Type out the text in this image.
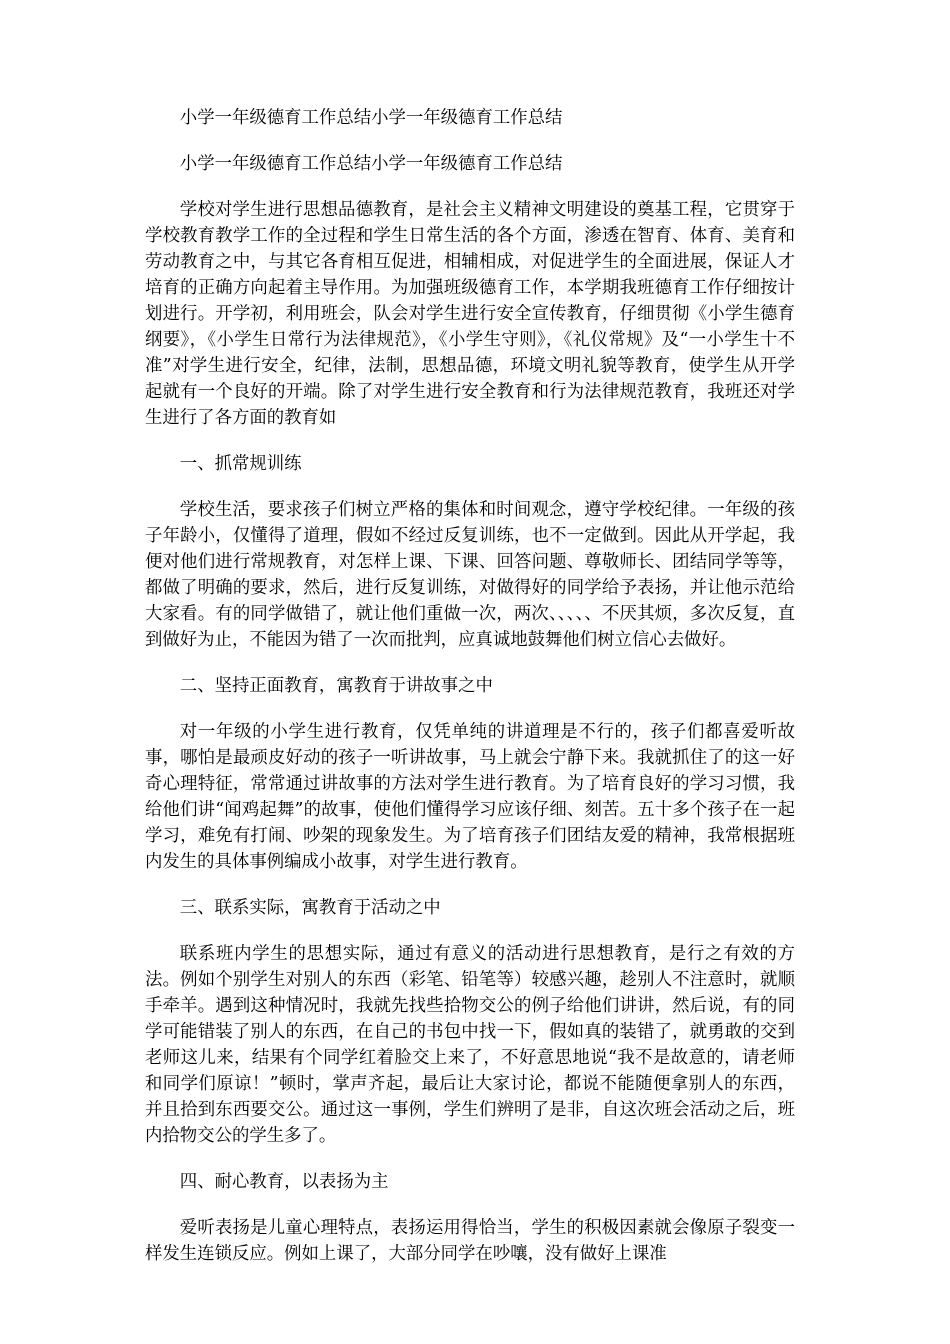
小学一年级德育工作总结小学一年级德育工作总结

小学一年级德育工作总结小学一年级德育工作总结

学校对学生进行思想品德教育，是社会主义精神文明建设的奠基工程，它贯穿于学校教育教学工作的全过程和学生日常生活的各个方面，渗透在智育、体育、美育和劳动教育之中，与其它各育相互促进，相辅相成，对促进学生的全面进展，保证人才培育的正确方向起着主导作用。为加强班级德育工作，本学期我班德育工作仔细按计划进行。开学初，利用班会，队会对学生进行安全宣传教育，仔细贯彻《小学生德育纲要》，《小学生日常行为法律规范》，《小学生守则》，《礼仪常规》及“一小学生十不准”对学生进行安全，纪律，法制，思想品德，环境文明礼貌等教育，使学生从开学起就有一个良好的开端。除了对学生进行安全教育和行为法律规范教育，我班还对学生进行了各方面的教育如

一、抓常规训练

学校生活，要求孩子们树立严格的集体和时间观念，遵守学校纪律。一年级的孩子年龄小，仅懂得了道理，假如不经过反复训练，也不一定做到。因此从开学起，我便对他们进行常规教育，对怎样上课、下课、回答问题、尊敬师长、团结同学等等，都做了明确的要求，然后，进行反复训练，对做得好的同学给予表扬，并让他示范给大家看。有的同学做错了，就让他们重做一次，两次、、、、、不厌其烦，多次反复，直到做好为止，不能因为错了一次而批判，应真诚地鼓舞他们树立信心去做好。

二、坚持正面教育，寓教育于讲故事之中

对一年级的小学生进行教育，仅凭单纯的讲道理是不行的，孩子们都喜爱听故事，哪怕是最顽皮好动的孩子一听讲故事，马上就会宁静下来。我就抓住了的这一好奇心理特征，常常通过讲故事的方法对学生进行教育。为了培育良好的学习习惯，我给他们讲“闻鸡起舞”的故事，使他们懂得学习应该仔细、刻苦。五十多个孩子在一起学习，难免有打闹、吵架的现象发生。为了培育孩子们团结友爱的精神，我常根据班内发生的具体事例编成小故事，对学生进行教育。

三、联系实际，寓教育于活动之中

联系班内学生的思想实际，通过有意义的活动进行思想教育，是行之有效的方法。例如个别学生对别人的东西（彩笔、铅笔等）较感兴趣，趁别人不注意时，就顺手牵羊。遇到这种情况时，我就先找些拾物交公的例子给他们讲讲，然后说，有的同学可能错装了别人的东西，在自己的书包中找一下，假如真的装错了，就勇敢的交到老师这儿来，结果有个同学红着脸交上来了，不好意思地说“我不是故意的，请老师和同学们原谅！”顿时，掌声齐起，最后让大家讨论，都说不能随便拿别人的东西，并且拾到东西要交公。通过这一事例，学生们辨明了是非，自这次班会活动之后，班内拾物交公的学生多了。

四、耐心教育，以表扬为主

爱听表扬是儿童心理特点，表扬运用得恰当，学生的积极因素就会像原子裂变一样发生连锁反应。例如上课了，大部分同学在吵嚷，没有做好上课准
